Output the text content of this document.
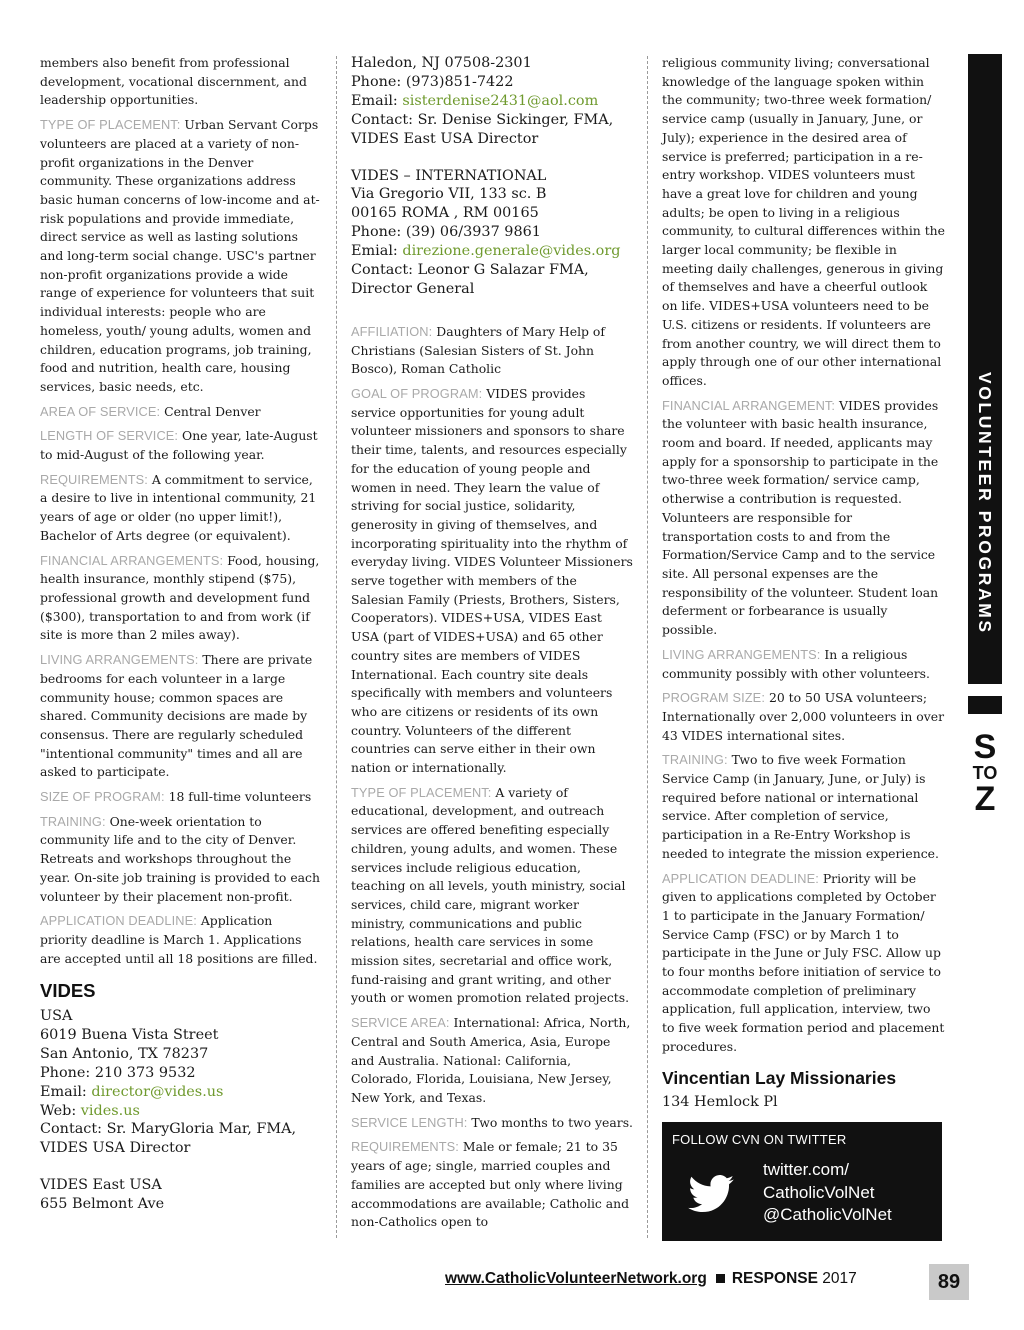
members also benefit from professional development, vocational discernment, and leadership opportunities.

TYPE OF PLACEMENT: Urban Servant Corps volunteers are placed at a variety of non-profit organizations in the Denver community. These organizations address basic human concerns of low-income and at-risk populations and provide immediate, direct service as well as lasting solutions and long-term social change. USC's partner non-profit organizations provide a wide range of experience for volunteers that suit individual interests: people who are homeless, youth/ young adults, women and children, education programs, job training, food and nutrition, health care, housing services, basic needs, etc.

AREA OF SERVICE: Central Denver

LENGTH OF SERVICE: One year, late-August to mid-August of the following year.

REQUIREMENTS: A commitment to service, a desire to live in intentional community, 21 years of age or older (no upper limit!), Bachelor of Arts degree (or equivalent).

FINANCIAL ARRANGEMENTS: Food, housing, health insurance, monthly stipend ($75), professional growth and development fund ($300), transportation to and from work (if site is more than 2 miles away).

LIVING ARRANGEMENTS: There are private bedrooms for each volunteer in a large community house; common spaces are shared. Community decisions are made by consensus. There are regularly scheduled "intentional community" times and all are asked to participate.

SIZE OF PROGRAM: 18 full-time volunteers

TRAINING: One-week orientation to community life and to the city of Denver. Retreats and workshops throughout the year. On-site job training is provided to each volunteer by their placement non-profit.

APPLICATION DEADLINE: Application priority deadline is March 1. Applications are accepted until all 18 positions are filled.

VIDES
USA
6019 Buena Vista Street
San Antonio, TX 78237
Phone: 210 373 9532
Email: director@vides.us
Web: vides.us
Contact: Sr. MaryGloria Mar, FMA,
VIDES USA Director
VIDES East USA
655 Belmont Ave
Haledon, NJ 07508-2301
Phone: (973)851-7422
Email: sisterdenise2431@aol.com
Contact: Sr. Denise Sickinger, FMA,
VIDES East USA Director
VIDES – INTERNATIONAL
Via Gregorio VII, 133 sc. B
00165 ROMA , RM 00165
Phone: (39) 06/3937 9861
Emial: direzione.generale@vides.org
Contact: Leonor G Salazar FMA,
Director General

AFFILIATION: Daughters of Mary Help of Christians (Salesian Sisters of St. John Bosco), Roman Catholic

GOAL OF PROGRAM: VIDES provides service opportunities for young adult volunteer missioners and sponsors to share their time, talents, and resources especially for the education of young people and women in need. They learn the value of striving for social justice, solidarity, generosity in giving of themselves, and incorporating spirituality into the rhythm of everyday living. VIDES Volunteer Missioners serve together with members of the Salesian Family (Priests, Brothers, Sisters, Cooperators). VIDES+USA, VIDES East USA (part of VIDES+USA) and 65 other country sites are members of VIDES International. Each country site deals specifically with members and volunteers who are citizens or residents of its own country. Volunteers of the different countries can serve either in their own nation or internationally.

TYPE OF PLACEMENT: A variety of educational, development, and outreach services are offered benefiting especially children, young adults, and women. These services include religious education, teaching on all levels, youth ministry, social services, child care, migrant worker ministry, communications and public relations, health care services in some mission sites, secretarial and office work, fund-raising and grant writing, and other youth or women promotion related projects.

SERVICE AREA: International: Africa, North, Central and South America, Asia, Europe and Australia. National: California, Colorado, Florida, Louisiana, New Jersey, New York, and Texas.

SERVICE LENGTH: Two months to two years.

REQUIREMENTS: Male or female; 21 to 35 years of age; single, married couples and families are accepted but only where living accommodations are available; Catholic and non-Catholics open to

religious community living; conversational knowledge of the language spoken within the community; two-three week formation/ service camp (usually in January, June, or July); experience in the desired area of service is preferred; participation in a re-entry workshop. VIDES volunteers must have a great love for children and young adults; be open to living in a religious community, to cultural differences within the larger local community; be flexible in meeting daily challenges, generous in giving of themselves and have a cheerful outlook on life. VIDES+USA volunteers need to be U.S. citizens or residents. If volunteers are from another country, we will direct them to apply through one of our other international offices.

FINANCIAL ARRANGEMENT: VIDES provides the volunteer with basic health insurance, room and board. If needed, applicants may apply for a sponsorship to participate in the two-three week formation/ service camp, otherwise a contribution is requested. Volunteers are responsible for transportation costs to and from the Formation/Service Camp and to the service site. All personal expenses are the responsibility of the volunteer. Student loan deferment or forbearance is usually possible.

LIVING ARRANGEMENTS: In a religious community possibly with other volunteers.

PROGRAM SIZE: 20 to 50 USA volunteers; Internationally over 2,000 volunteers in over 43 VIDES international sites.

TRAINING: Two to five week Formation Service Camp (in January, June, or July) is required before national or international service. After completion of service, participation in a Re-Entry Workshop is needed to integrate the mission experience.

APPLICATION DEADLINE: Priority will be given to applications completed by October 1 to participate in the January Formation/ Service Camp (FSC) or by March 1 to participate in the June or July FSC. Allow up to four months before initiation of service to accommodate completion of preliminary application, full application, interview, two to five week formation period and placement procedures.

Vincentian Lay Missionaries
134 Hemlock Pl
FOLLOW CVN ON TWITTER
twitter.com/
CatholicVolNet
@CatholicVolNet
VOLUNTEER PROGRAMS
S
TO
Z
www.CatholicVolunteerNetwork.org RESPONSE 2017	89
